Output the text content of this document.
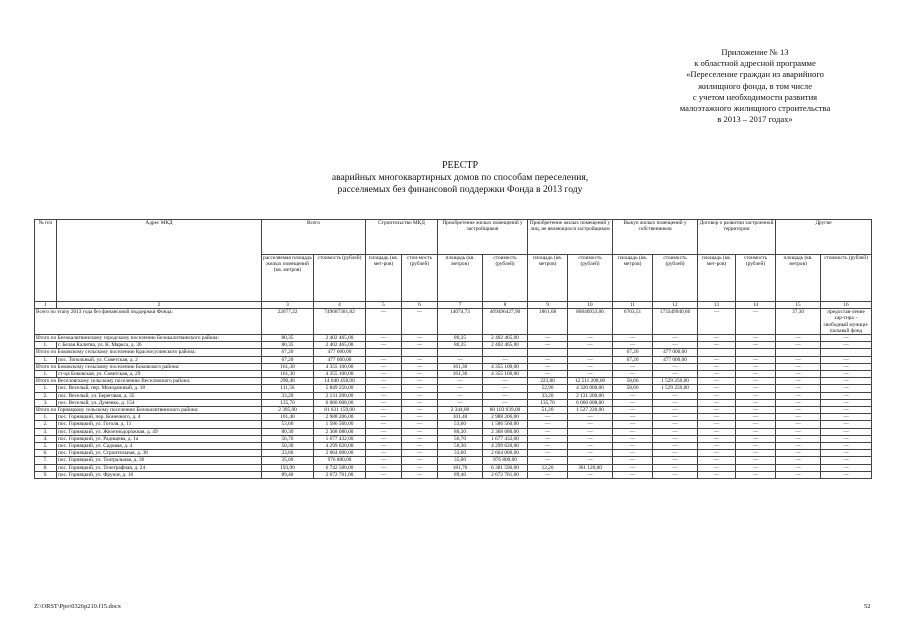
Приложение № 13
к областной адресной программе
«Переселение граждан из аварийного
жилищного фонда, в том числе
с учетом необходимости развития
малоэтажного жилищного строительства
в 2013 – 2017 годах»
РЕЕСТР
аварийных многоквартирных домов по способам переселения,
расселяемых без финансовой поддержки Фонда в 2013 году
№ п/п	Адрес МКД	Всего		Строительство МКД		Приобретение жилых помещений у застройщиков		Приобретение жилых помещений у лиц, не являющихся застройщиком		Выкуп жилых помещений у собственников		Договор о развитии застроенной территории		Другие	
		расселяемая площадь жилых помещений (кв. метров)	стоимость (рублей)	площадь (кв. мет-ров)	стои-мость (рублей)	площадь (кв. метров)	стоимость (рублей)	площадь (кв. метров)	стоимость (рублей)	площадь (кв. метров)	стоимость (рублей)	площадь (кв. мет-ров)	стоимость (рублей)	площадь (кв. метров)	стоимость (рублей)
1	2	3	4	5	6	7	8	9	10	11	12	13	14	15	16
Всего по этапу 2013 года без финансовой поддержки Фонда:		22677,22	749687301,82	—	—	14074,73	469496427,90	1861,68	86840933,06	6703,51	173349940,86	—	—	37,30	предостав-ление хар-тира – свободный муници-пальный фонд
Итого по Белокалитвинскому городскому поселению Белокалитвинского района:		80,35	2 402 465,00	—	—	80,35	2 402 465,00	—	—	—	—	—	—	—	—
1.	г. Белая Калитва, ул. К. Маркса, д. 36	80,35	2 402 465,00	—	—	80,35	2 402 465,00	—	—	—	—	—	—	—	—
Итого по Боковскому сельскому поселению Красносулинского района:		67,20	477 000,00							67,20	477 000,00				
1.	пос. Топольный, ул. Советская, д. 2	67,20	477 000,00	—	—	—	—	—	—	67,20	477 000,00	—	—	—	—
Итого по Боковскому сельскому поселению Боковского района:		161,30	4 355 100,00	—	—	161,30	4 355 100,00	—	—	—	—	—	—	—	—
1.	ст-ца Боковская, ул. Советская, д. 29	161,30	4 355 100,00	—	—	161,30	4 355 100,00	—	—	—	—	—	—	—	—
Итого по Веселовскому сельскому поселению Веселовского района:		290,46	14 040 458,00	—	—	—	—	223,80	12 511 208,00	58,66	1 529 250,00	—	—	—	—
1.	пос. Веселый, пер. Молодежный, д. 18	111,56	5 849 250,00	—	—	—	—	52,90	4 320 000,00	58,66	1 529 250,00	—	—	—	—
2.	пос. Веселый, ул. Береговая, д. 35	33,20	2 131 200,00	—	—	—	—	33,20	2 131 200,00	—	—	—	—	—	—
3.	пос. Веселый, ул. Думенко, д. 154	135,70	6 060 008,00	—	—	—	—	135,70	6 060 008,00	—	—	—	—	—	—
Итого по Горняцкому сельскому поселению Белокалитвинского района:		2 395,90	81 631 159,00	—	—	2 344,80	80 103 939,00	51,20	1 527 220,00	—	—	—	—	—	—
1.	пос. Горняцкий, пер. Конечного, д. 4	101,40	2 988 206,00	—	—	101,40	2 988 206,00	—	—	—	—	—	—	—	—
2.	пос. Горняцкий, ул. Гоголя, д. 11	53,60	1 586 560,00	—	—	53,60	1 586 560,00	—	—	—	—	—	—	—	—
3.	пос. Горняцкий, ул. Железнодорожная, д. 49	80,30	2 368 080,00	—	—	80,30	2 368 080,00	—	—	—	—	—	—	—	—
4.	пос. Горняцкий, ул. Радищева, д. 1а	56,70	1 677 432,00	—	—	56,70	1 677 432,00	—	—	—	—	—	—	—	—
5.	пос. Горняцкий, ул. Садовая, д. 4	50,30	4 299 620,00	—	—	50,30	4 299 620,00	—	—	—	—	—	—	—	—
6.	пос. Горняцкий, ул. Строительная, д. 38	33,60	2 664 000,00	—	—	33,60	2 664 000,00	—	—	—	—	—	—	—	—
7.	пос. Горняцкий, ул. Театральная, д. 36	35,00	976 800,00	—	—	35,00	976 800,00	—	—	—	—	—	—	—	—
8.	пос. Горняцкий, ул. Телеграфная, д. 24	193,90	6 742 580,00	—	—	181,70	6 381 590,00	12,20	361 120,00	—	—	—	—	—	—
9.	пос. Горняцкий, ул. Фрунзе, д. 16	89,40	2 672 761,00	—	—	89,40	2 672 761,00	—	—	—	—	—	—	—	—
Z:\ORST\Ppo\0326p210.f15.docx	52
